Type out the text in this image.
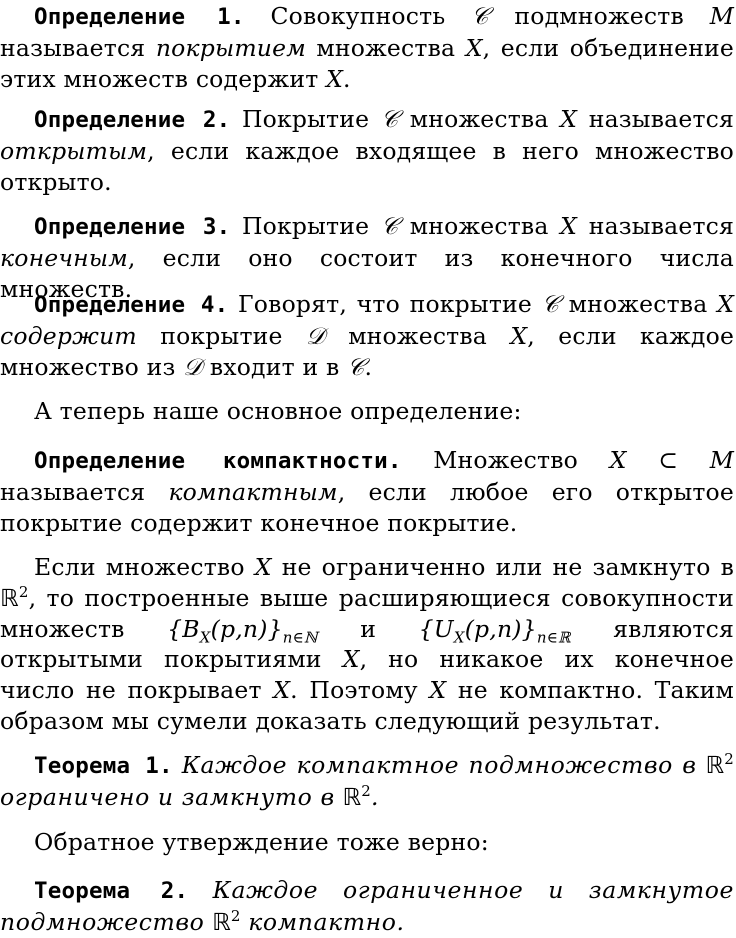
Определение 1. Совокупность 𝒞 подмножеств M называется покрытием множества X, если объединение этих множеств содержит X.

Определение 2. Покрытие 𝒞 множества X называется открытым, если каждое входящее в него множество открыто.

Определение 3. Покрытие 𝒞 множества X называется конечным, если оно состоит из конечного числа множеств.

Определение 4. Говорят, что покрытие 𝒞 множества X содержит покрытие 𝒟 множества X, если каждое множество из 𝒟 входит и в 𝒞.

А теперь наше основное определение:

Определение компактности. Множество X ⊂ M называется компактным, если любое его открытое покрытие содержит конечное покрытие.

Если множество X не ограниченно или не замкнуто в ℝ$^2$, то построенные выше расширяющиеся совокупности множеств $\{B_X(p,n)\}_{n\in ℕ}$ и $\{U_X(p,n)\}_{n\in ℝ}$ являются открытыми покрытиями X, но никакое их конечное число не покрывает X. Поэтому X не компактно. Таким образом мы сумели доказать следующий результат.

Теорема 1. Каждое компактное подмножество в ℝ$^2$ ограничено и замкнуто в ℝ$^2$.

Обратное утверждение тоже верно:

Теорема 2. Каждое ограниченное и замкнутое подмножество ℝ$^2$ компактно.
